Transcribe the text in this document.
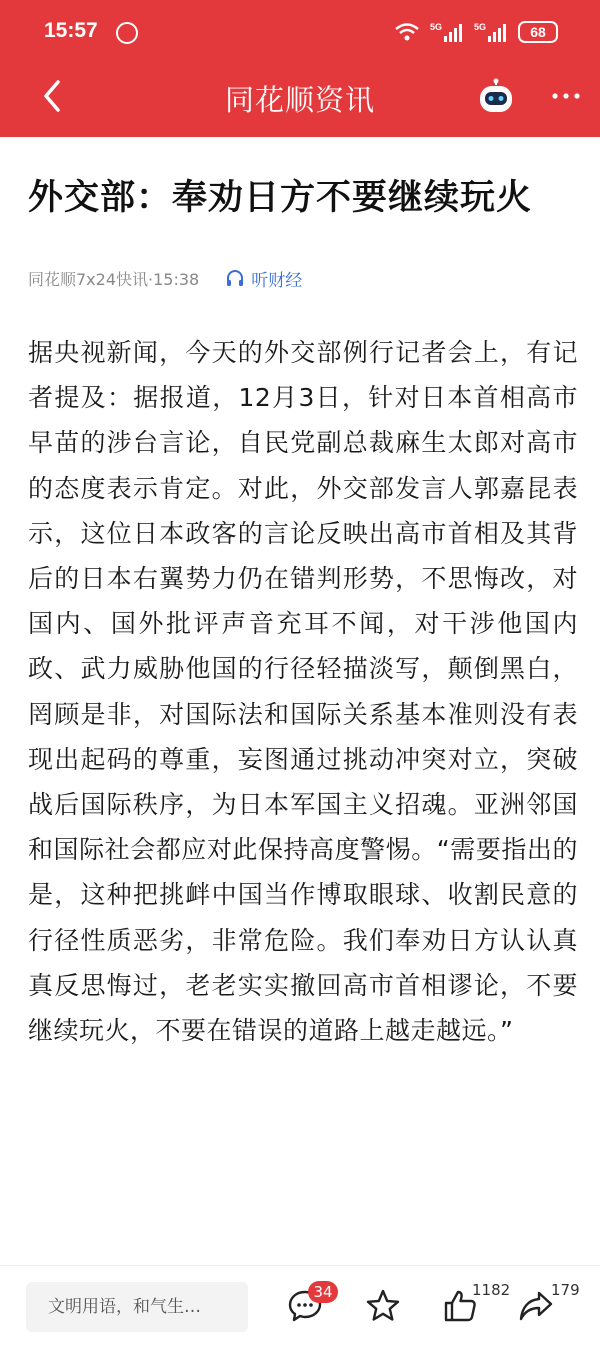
15:57	5G	5G	68
同花顺资讯
外交部：奉劝日方不要继续玩火
同花顺7x24快讯·15:38	听财经
据央视新闻，今天的外交部例行记者会上，有记者提及：据报道，12月3日，针对日本首相高市早苗的涉台言论，自民党副总裁麻生太郎对高市的态度表示肯定。对此，外交部发言人郭嘉昆表示，这位日本政客的言论反映出高市首相及其背后的日本右翼势力仍在错判形势，不思悔改，对国内、国外批评声音充耳不闻，对干涉他国内政、武力威胁他国的行径轻描淡写，颠倒黑白，罔顾是非，对国际法和国际关系基本准则没有表现出起码的尊重，妄图通过挑动冲突对立，突破战后国际秩序，为日本军国主义招魂。亚洲邻国和国际社会都应对此保持高度警惕。“需要指出的是，这种把挑衅中国当作博取眼球、收割民意的行径性质恶劣，非常危险。我们奉劝日方认认真真反思悔过，老老实实撤回高市首相谬论，不要继续玩火，不要在错误的道路上越走越远。”
文明用语，和气生…
34	1182	179
